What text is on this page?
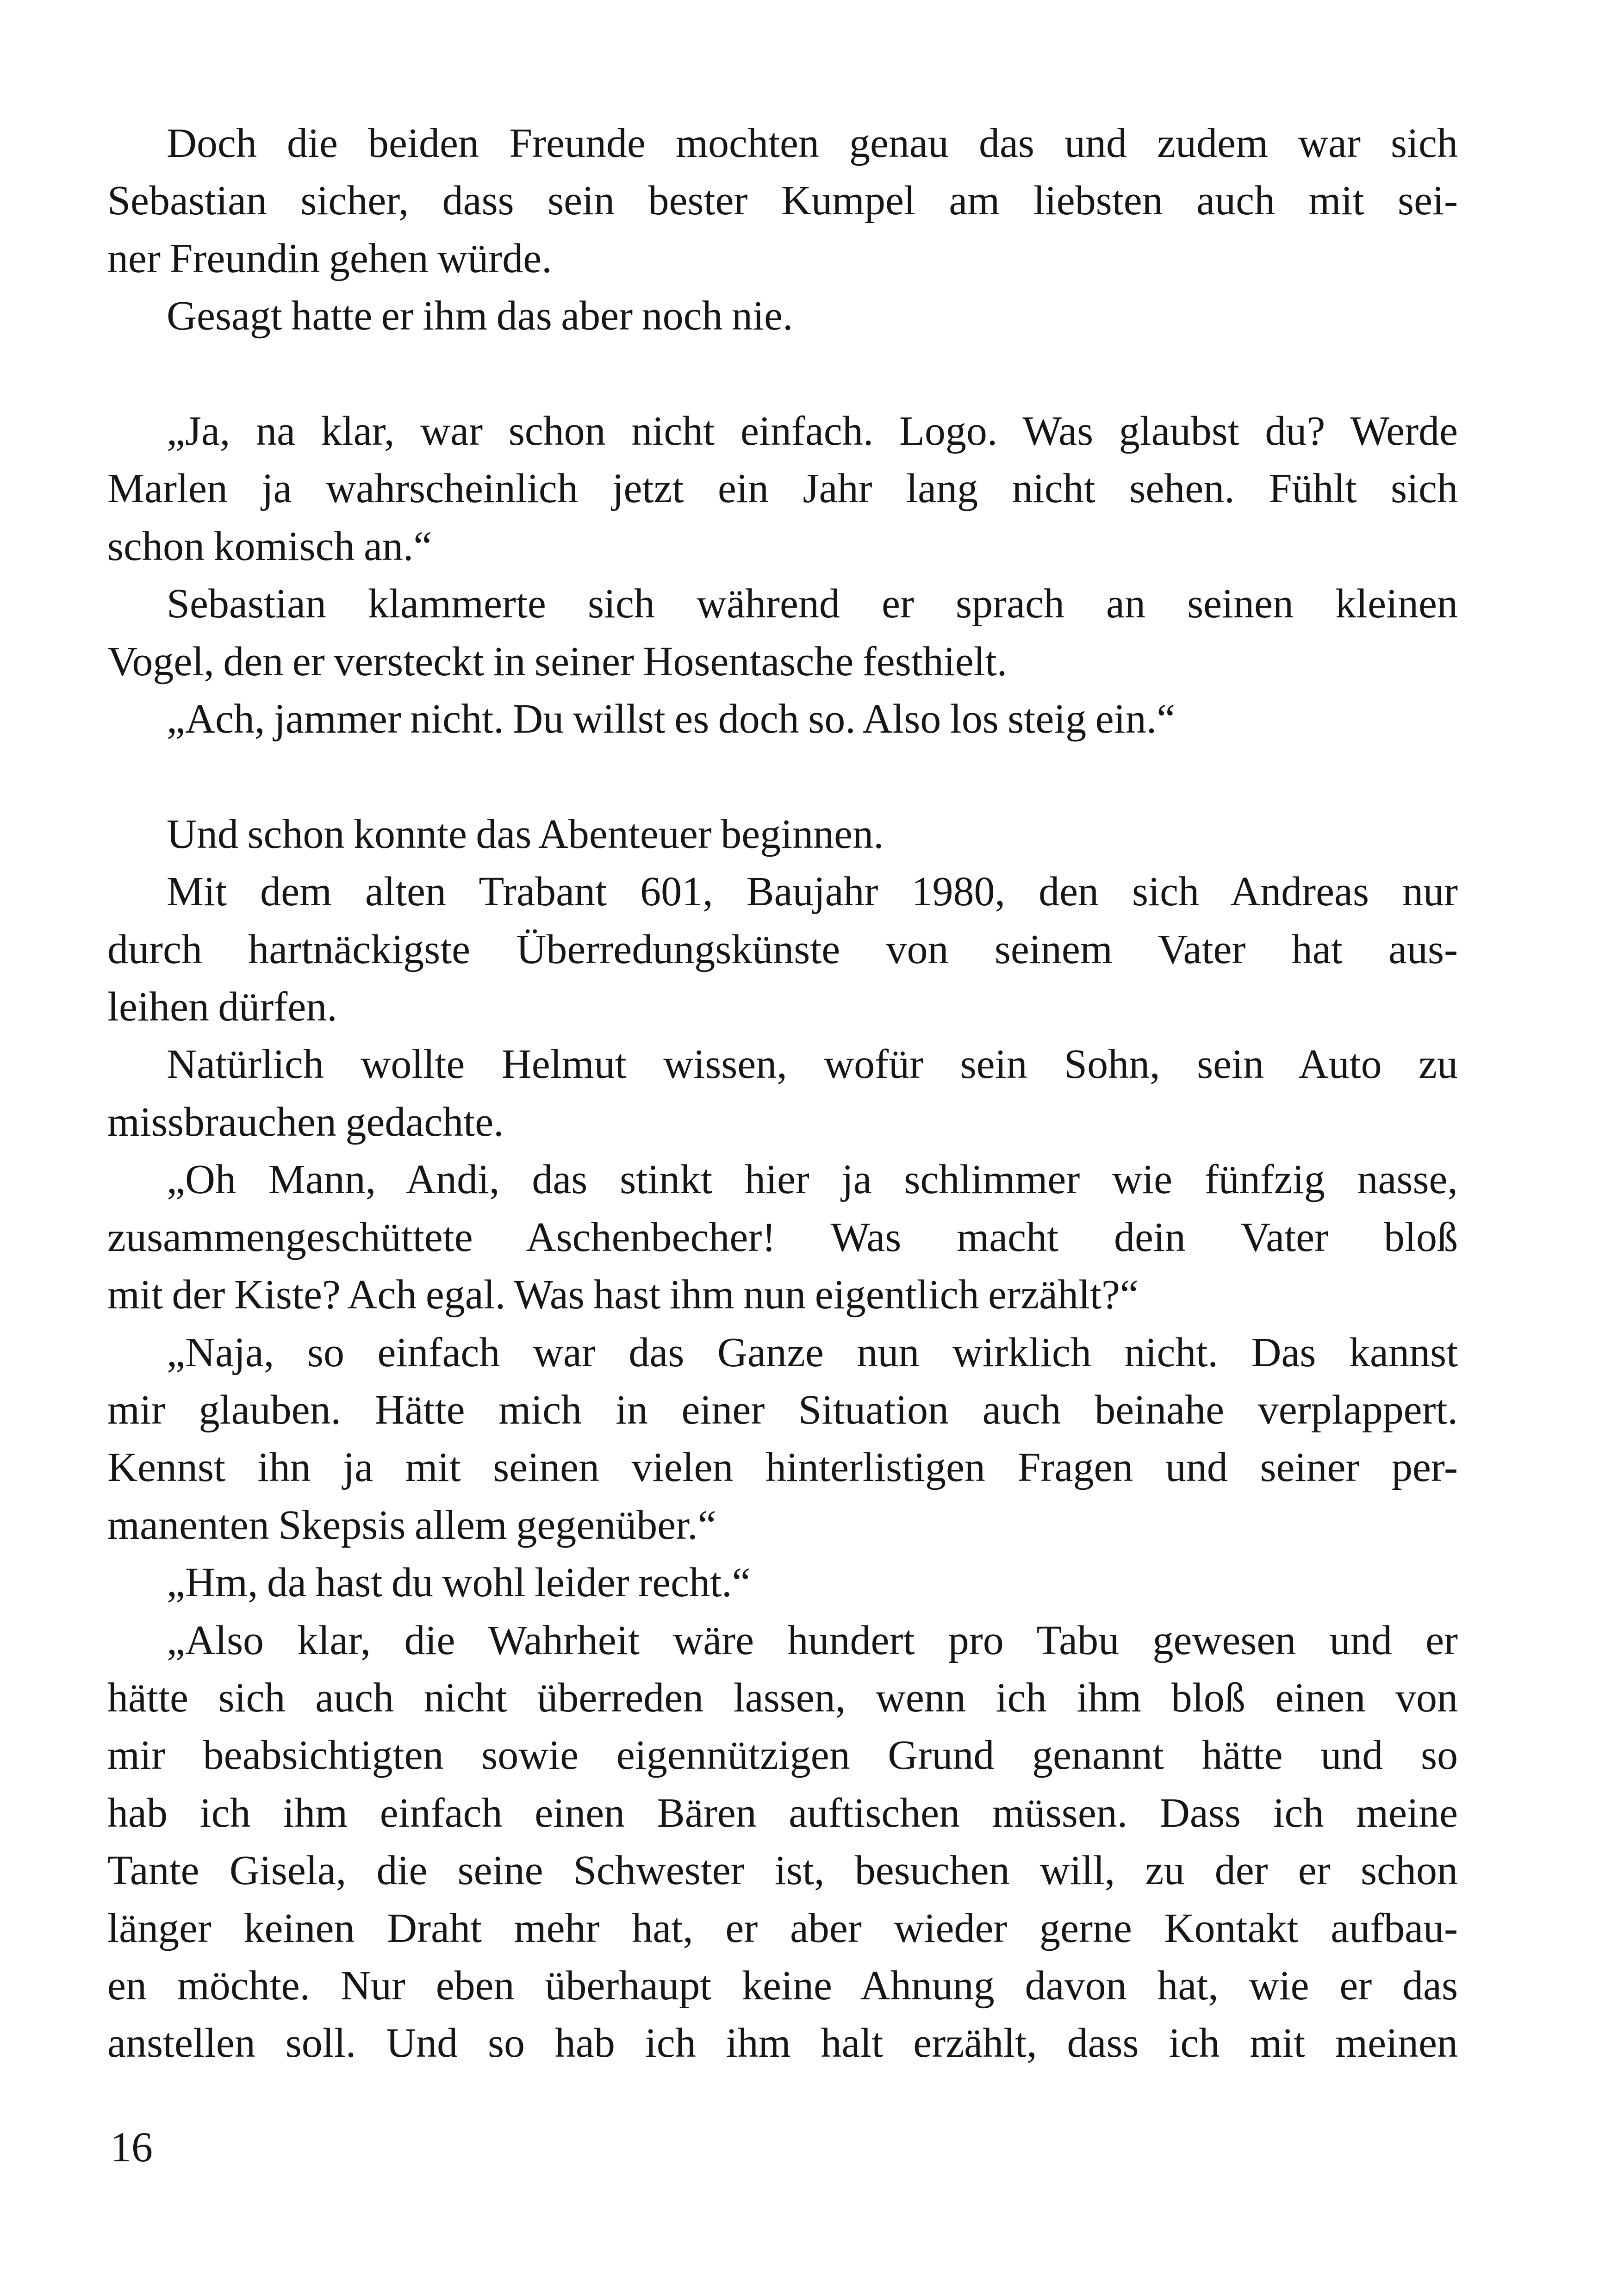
Doch die beiden Freunde mochten genau das und zudem war sich
Sebastian sicher, dass sein bester Kumpel am liebsten auch mit sei-
ner Freundin gehen würde.
Gesagt hatte er ihm das aber noch nie.
„Ja, na klar, war schon nicht einfach. Logo. Was glaubst du? Werde
Marlen ja wahrscheinlich jetzt ein Jahr lang nicht sehen. Fühlt sich
schon komisch an.“
Sebastian klammerte sich während er sprach an seinen kleinen
Vogel, den er versteckt in seiner Hosentasche festhielt.
„Ach, jammer nicht. Du willst es doch so. Also los steig ein.“
Und schon konnte das Abenteuer beginnen.
Mit dem alten Trabant 601, Baujahr 1980, den sich Andreas nur
durch hartnäckigste Überredungskünste von seinem Vater hat aus-
leihen dürfen.
Natürlich wollte Helmut wissen, wofür sein Sohn, sein Auto zu
missbrauchen gedachte.
„Oh Mann, Andi, das stinkt hier ja schlimmer wie fünfzig nasse,
zusammengeschüttete Aschenbecher! Was macht dein Vater bloß
mit der Kiste? Ach egal. Was hast ihm nun eigentlich erzählt?“
„Naja, so einfach war das Ganze nun wirklich nicht. Das kannst
mir glauben. Hätte mich in einer Situation auch beinahe verplappert.
Kennst ihn ja mit seinen vielen hinterlistigen Fragen und seiner per-
manenten Skepsis allem gegenüber.“
„Hm, da hast du wohl leider recht.“
„Also klar, die Wahrheit wäre hundert pro Tabu gewesen und er
hätte sich auch nicht überreden lassen, wenn ich ihm bloß einen von
mir beabsichtigten sowie eigennützigen Grund genannt hätte und so
hab ich ihm einfach einen Bären auftischen müssen. Dass ich meine
Tante Gisela, die seine Schwester ist, besuchen will, zu der er schon
länger keinen Draht mehr hat, er aber wieder gerne Kontakt aufbau-
en möchte. Nur eben überhaupt keine Ahnung davon hat, wie er das
anstellen soll. Und so hab ich ihm halt erzählt, dass ich mit meinen
16
